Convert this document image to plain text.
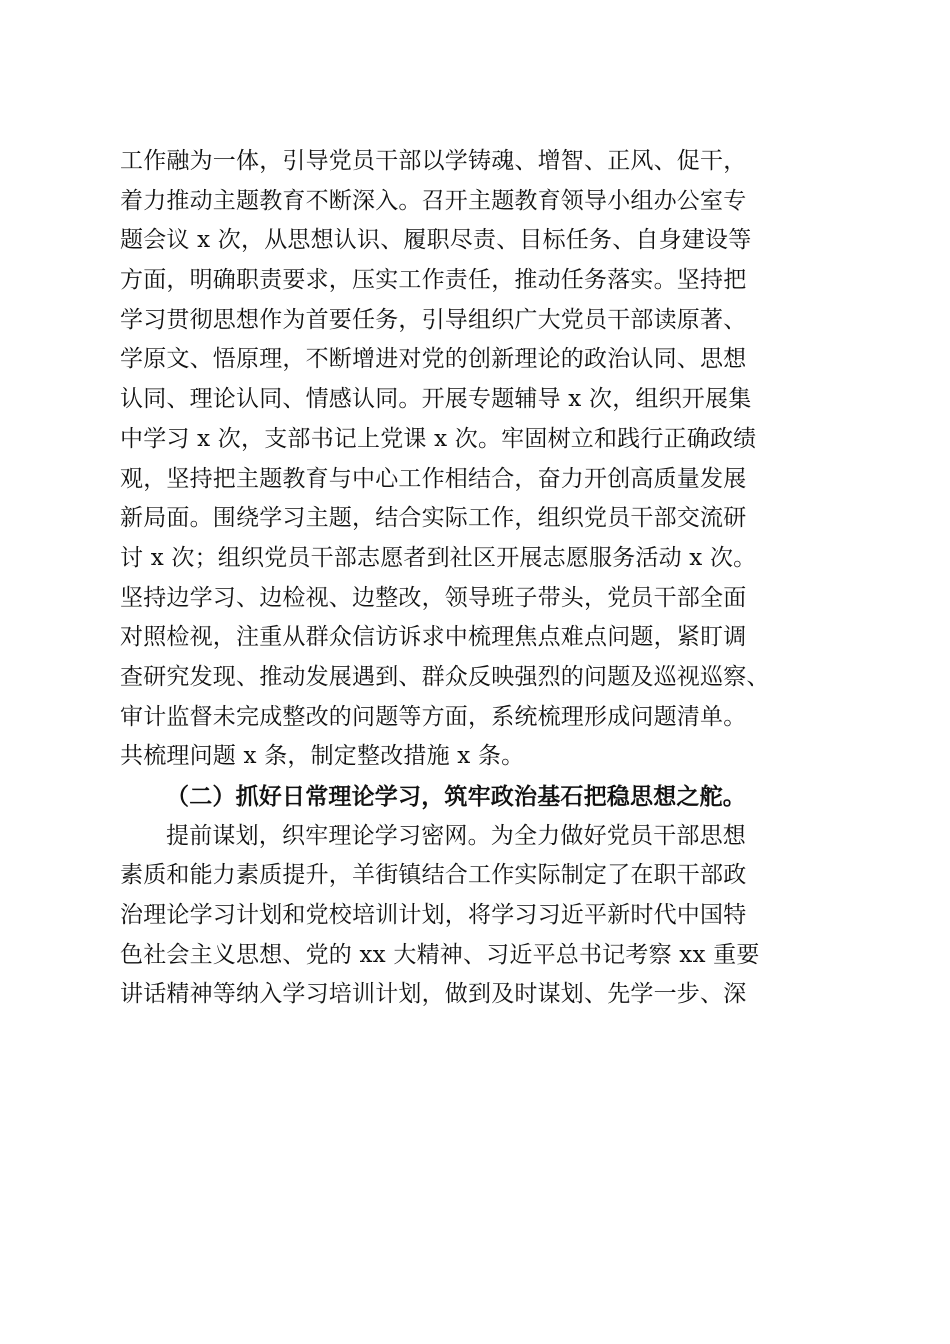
工作融为一体，引导党员干部以学铸魂、增智、正风、促干，
着力推动主题教育不断深入。召开主题教育领导小组办公室专
题会议 x 次，从思想认识、履职尽责、目标任务、自身建设等
方面，明确职责要求，压实工作责任，推动任务落实。坚持把
学习贯彻思想作为首要任务，引导组织广大党员干部读原著、
学原文、悟原理，不断增进对党的创新理论的政治认同、思想
认同、理论认同、情感认同。开展专题辅导 x 次，组织开展集
中学习 x 次，支部书记上党课 x 次。牢固树立和践行正确政绩
观，坚持把主题教育与中心工作相结合，奋力开创高质量发展
新局面。围绕学习主题，结合实际工作，组织党员干部交流研
讨 x 次；组织党员干部志愿者到社区开展志愿服务活动 x 次。
坚持边学习、边检视、边整改，领导班子带头，党员干部全面
对照检视，注重从群众信访诉求中梳理焦点难点问题，紧盯调
查研究发现、推动发展遇到、群众反映强烈的问题及巡视巡察、
审计监督未完成整改的问题等方面，系统梳理形成问题清单。
共梳理问题 x 条，制定整改措施 x 条。
（二）抓好日常理论学习，筑牢政治基石把稳思想之舵。
提前谋划，织牢理论学习密网。为全力做好党员干部思想
素质和能力素质提升，羊街镇结合工作实际制定了在职干部政
治理论学习计划和党校培训计划，将学习习近平新时代中国特
色社会主义思想、党的 xx 大精神、习近平总书记考察 xx 重要
讲话精神等纳入学习培训计划，做到及时谋划、先学一步、深
